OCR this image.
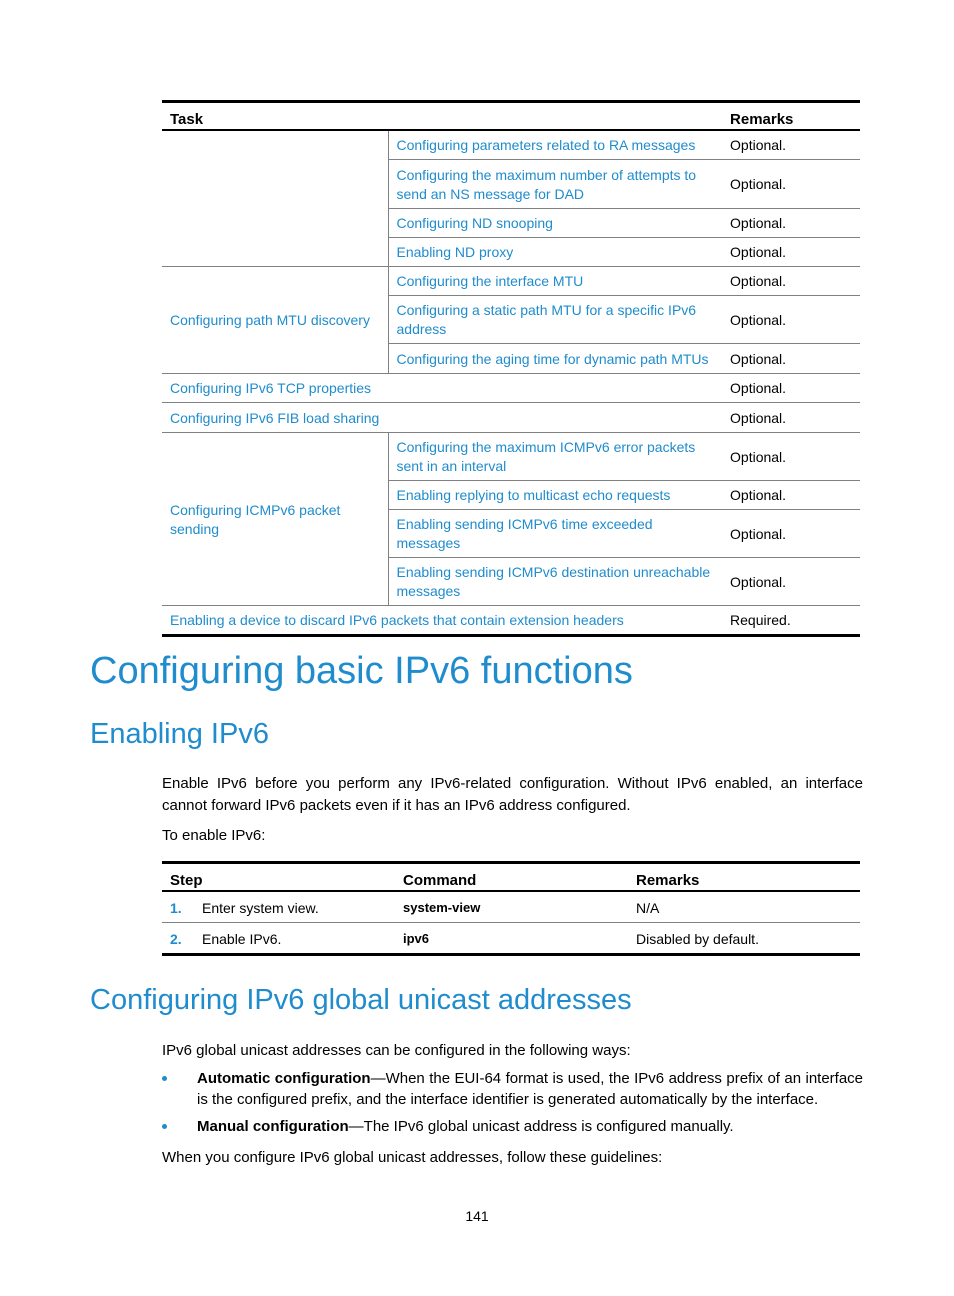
Task		Remarks
	Configuring parameters related to RA messages	Optional.
	Configuring the maximum number of attempts to send an NS message for DAD	Optional.
	Configuring ND snooping	Optional.
	Enabling ND proxy	Optional.
Configuring path MTU discovery	Configuring the interface MTU	Optional.
	Configuring a static path MTU for a specific IPv6 address	Optional.
	Configuring the aging time for dynamic path MTUs	Optional.
Configuring IPv6 TCP properties		Optional.
Configuring IPv6 FIB load sharing		Optional.
Configuring ICMPv6 packet sending	Configuring the maximum ICMPv6 error packets sent in an interval	Optional.
	Enabling replying to multicast echo requests	Optional.
	Enabling sending ICMPv6 time exceeded messages	Optional.
	Enabling sending ICMPv6 destination unreachable messages	Optional.
Enabling a device to discard IPv6 packets that contain extension headers		Required.
Configuring basic IPv6 functions
Enabling IPv6

Enable IPv6 before you perform any IPv6-related configuration. Without IPv6 enabled, an interface cannot forward IPv6 packets even if it has an IPv6 address configured.

To enable IPv6:

Step	Command	Remarks
1. Enter system view.	system-view	N/A
2. Enable IPv6.	ipv6	Disabled by default.
Configuring IPv6 global unicast addresses

IPv6 global unicast addresses can be configured in the following ways:

Automatic configuration—When the EUI-64 format is used, the IPv6 address prefix of an interface is the configured prefix, and the interface identifier is generated automatically by the interface.
Manual configuration—The IPv6 global unicast address is configured manually.

When you configure IPv6 global unicast addresses, follow these guidelines:

141
